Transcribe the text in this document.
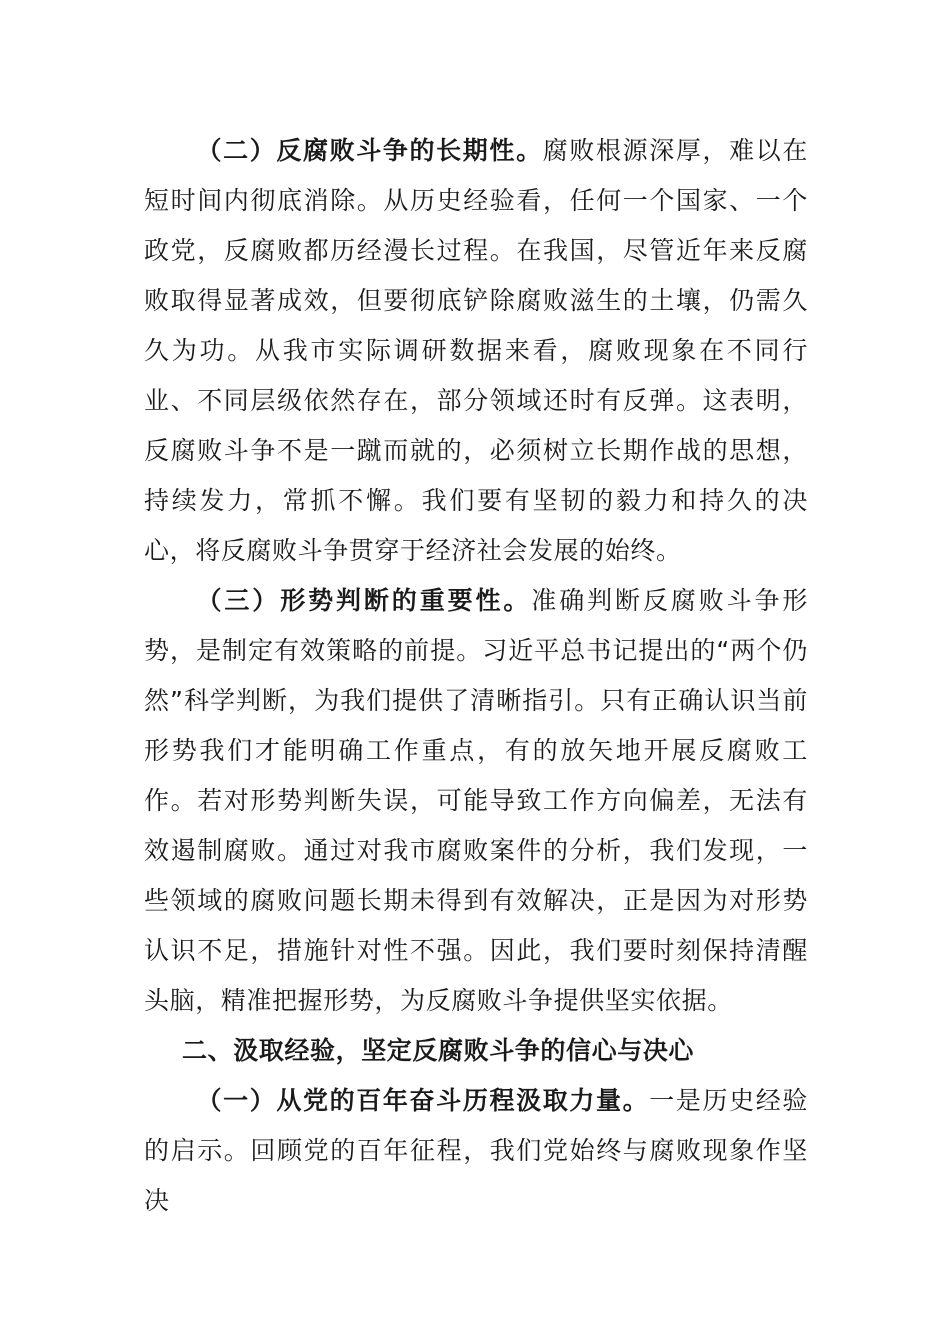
（二）反腐败斗争的长期性。腐败根源深厚，难以在短时间内彻底消除。从历史经验看，任何一个国家、一个政党，反腐败都历经漫长过程。在我国，尽管近年来反腐败取得显著成效，但要彻底铲除腐败滋生的土壤，仍需久久为功。从我市实际调研数据来看，腐败现象在不同行业、不同层级依然存在，部分领域还时有反弹。这表明，反腐败斗争不是一蹴而就的，必须树立长期作战的思想，持续发力，常抓不懈。我们要有坚韧的毅力和持久的决心，将反腐败斗争贯穿于经济社会发展的始终。

（三）形势判断的重要性。准确判断反腐败斗争形势，是制定有效策略的前提。习近平总书记提出的“两个仍然”科学判断，为我们提供了清晰指引。只有正确认识当前形势我们才能明确工作重点，有的放矢地开展反腐败工作。若对形势判断失误，可能导致工作方向偏差，无法有效遏制腐败。通过对我市腐败案件的分析，我们发现，一些领域的腐败问题长期未得到有效解决，正是因为对形势认识不足，措施针对性不强。因此，我们要时刻保持清醒头脑，精准把握形势，为反腐败斗争提供坚实依据。

二、汲取经验，坚定反腐败斗争的信心与决心

（一）从党的百年奋斗历程汲取力量。一是历史经验的启示。回顾党的百年征程，我们党始终与腐败现象作坚决
